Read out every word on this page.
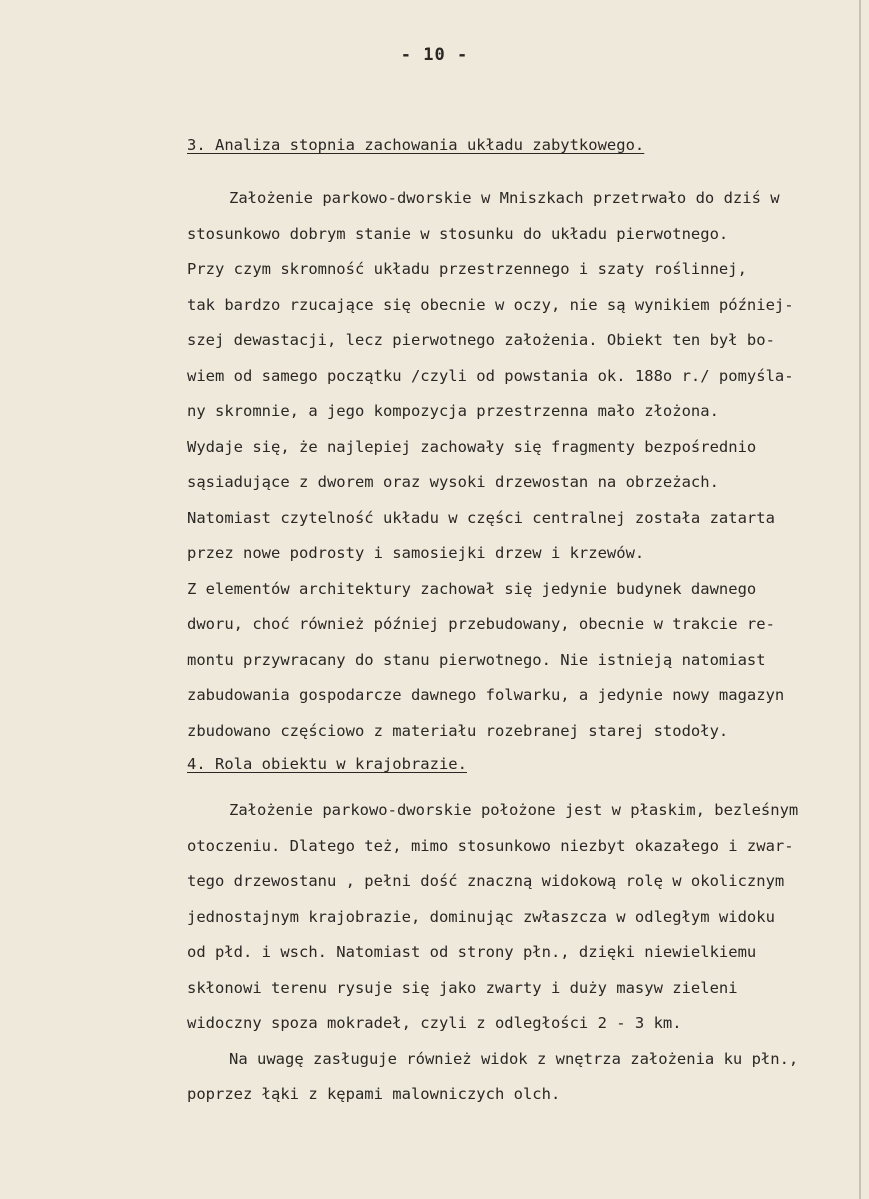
- 10 -
3. Analiza stopnia zachowania układu zabytkowego.
Założenie parkowo-dworskie w Mniszkach przetrwało do dziś w
stosunkowo dobrym stanie w stosunku do układu pierwotnego.
Przy czym skromność układu przestrzennego i szaty roślinnej,
tak bardzo rzucające się obecnie w oczy, nie są wynikiem później-
szej dewastacji, lecz pierwotnego założenia. Obiekt ten był bo-
wiem od samego początku /czyli od powstania ok. 188o r./ pomyśla-
ny skromnie, a jego kompozycja przestrzenna mało złożona.
Wydaje się, że najlepiej zachowały się fragmenty bezpośrednio
sąsiadujące z dworem oraz wysoki drzewostan na obrzeżach.
Natomiast czytelność układu w części centralnej została zatarta
przez nowe podrosty i samosiejki drzew i krzewów.
Z elementów architektury zachował się jedynie budynek dawnego
dworu, choć również później przebudowany, obecnie w trakcie re-
montu przywracany do stanu pierwotnego. Nie istnieją natomiast
zabudowania gospodarcze dawnego folwarku, a jedynie nowy magazyn
zbudowano częściowo z materiału rozebranej starej stodoły.
4. Rola obiektu w krajobrazie.
Założenie parkowo-dworskie położone jest w płaskim, bezleśnym
otoczeniu. Dlatego też, mimo stosunkowo niezbyt okazałego i zwar-
tego drzewostanu , pełni dość znaczną widokową rolę w okolicznym
jednostajnym krajobrazie, dominując zwłaszcza w odległym widoku
od płd. i wsch. Natomiast od strony płn., dzięki niewielkiemu
skłonowi terenu rysuje się jako zwarty i duży masyw zieleni
widoczny spoza mokradeł, czyli z odległości 2 - 3 km.
Na uwagę zasługuje również widok z wnętrza założenia ku płn.,
poprzez łąki z kępami malowniczych olch.
